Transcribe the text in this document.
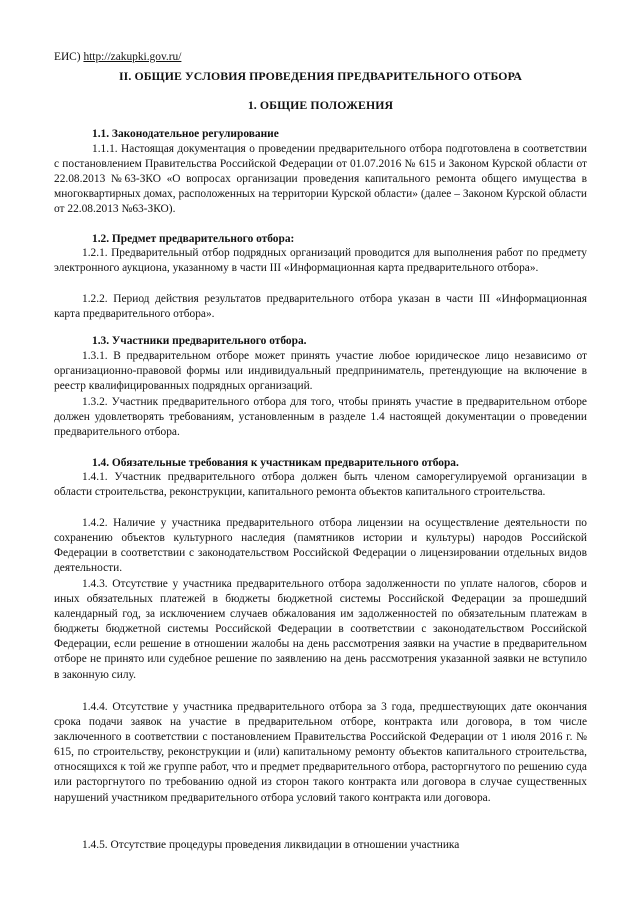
ЕИС) http://zakupki.gov.ru/
II. ОБЩИЕ УСЛОВИЯ ПРОВЕДЕНИЯ ПРЕДВАРИТЕЛЬНОГО ОТБОРА
1. ОБЩИЕ ПОЛОЖЕНИЯ
1.1. Законодательное регулирование

1.1.1. Настоящая документация о проведении предварительного отбора подготовлена в соответствии с постановлением Правительства Российской Федерации от 01.07.2016 № 615 и Законом Курской области от 22.08.2013 №63-ЗКО «О вопросах организации проведения капитального ремонта общего имущества в многоквартирных домах, расположенных на территории Курской области» (далее – Законом Курской области от 22.08.2013 №63-ЗКО).

1.2. Предмет предварительного отбора:

1.2.1. Предварительный отбор подрядных организаций проводится для выполнения работ по предмету электронного аукциона, указанному в части III «Информационная карта предварительного отбора».

1.2.2. Период действия результатов предварительного отбора указан в части III «Информационная карта предварительного отбора».

1.3. Участники предварительного отбора.

1.3.1. В предварительном отборе может принять участие любое юридическое лицо независимо от организационно-правовой формы или индивидуальный предприниматель, претендующие на включение в реестр квалифицированных подрядных организаций.

1.3.2. Участник предварительного отбора для того, чтобы принять участие в предварительном отборе должен удовлетворять требованиям, установленным в разделе 1.4 настоящей документации о проведении предварительного отбора.

1.4. Обязательные требования к участникам предварительного отбора.

1.4.1. Участник предварительного отбора должен быть членом саморегулируемой организации в области строительства, реконструкции, капитального ремонта объектов капитального строительства.

1.4.2. Наличие у участника предварительного отбора лицензии на осуществление деятельности по сохранению объектов культурного наследия (памятников истории и культуры) народов Российской Федерации в соответствии с законодательством Российской Федерации о лицензировании отдельных видов деятельности.

1.4.3. Отсутствие у участника предварительного отбора задолженности по уплате налогов, сборов и иных обязательных платежей в бюджеты бюджетной системы Российской Федерации за прошедший календарный год, за исключением случаев обжалования им задолженностей по обязательным платежам в бюджеты бюджетной системы Российской Федерации в соответствии с законодательством Российской Федерации, если решение в отношении жалобы на день рассмотрения заявки на участие в предварительном отборе не принято или судебное решение по заявлению на день рассмотрения указанной заявки не вступило в законную силу.

1.4.4. Отсутствие у участника предварительного отбора за 3 года, предшествующих дате окончания срока подачи заявок на участие в предварительном отборе, контракта или договора, в том числе заключенного в соответствии с постановлением Правительства Российской Федерации от 1 июля 2016 г. № 615, по строительству, реконструкции и (или) капитальному ремонту объектов капитального строительства, относящихся к той же группе работ, что и предмет предварительного отбора, расторгнутого по решению суда или расторгнутого по требованию одной из сторон такого контракта или договора в случае существенных нарушений участником предварительного отбора условий такого контракта или договора.

1.4.5. Отсутствие процедуры проведения ликвидации в отношении участника
